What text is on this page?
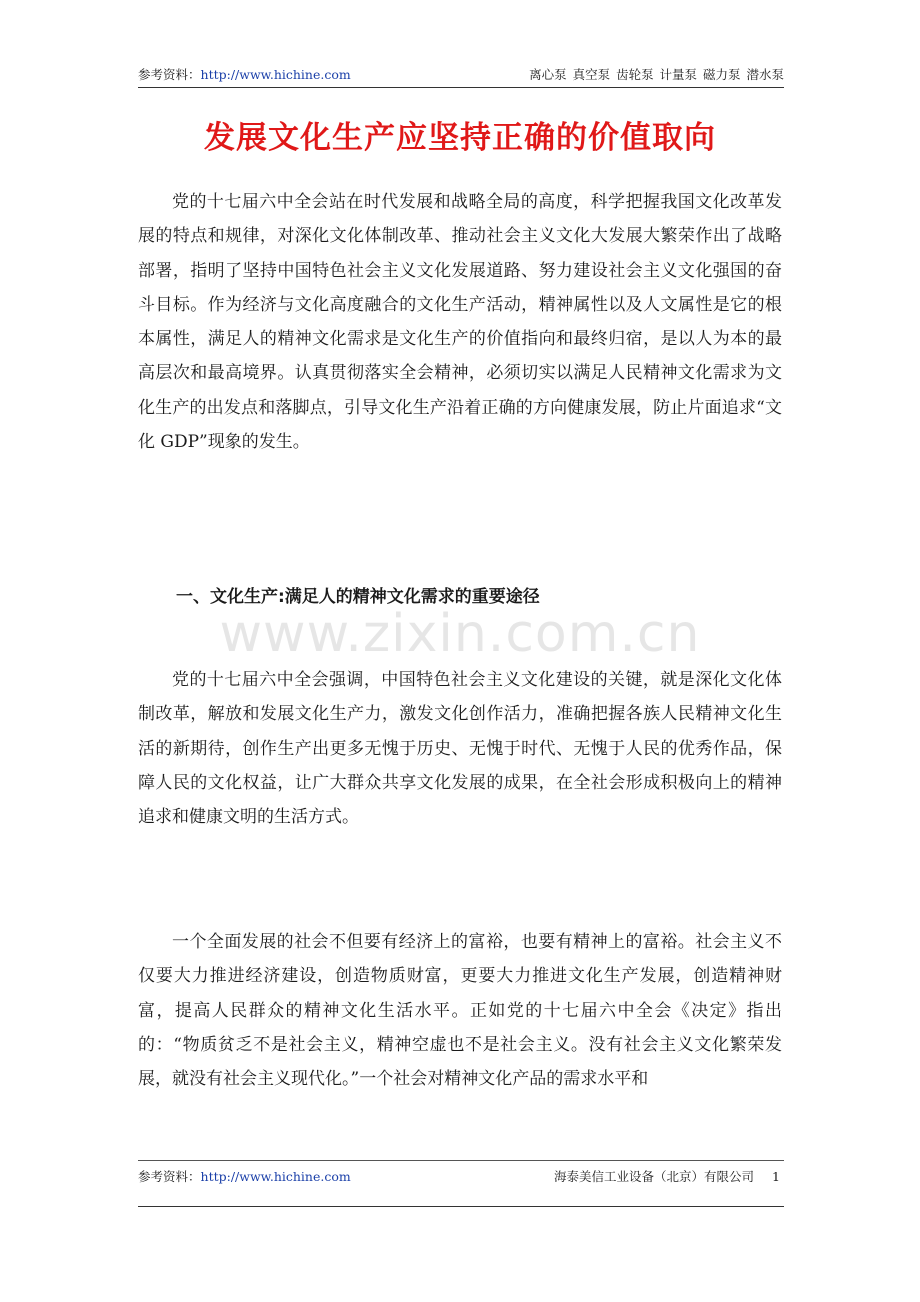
参考资料：http://www.hichine.com	离心泵 真空泵 齿轮泵 计量泵 磁力泵 潜水泵
发展文化生产应坚持正确的价值取向

党的十七届六中全会站在时代发展和战略全局的高度，科学把握我国文化改革发展的特点和规律，对深化文化体制改革、推动社会主义文化大发展大繁荣作出了战略部署，指明了坚持中国特色社会主义文化发展道路、努力建设社会主义文化强国的奋斗目标。作为经济与文化高度融合的文化生产活动，精神属性以及人文属性是它的根本属性，满足人的精神文化需求是文化生产的价值指向和最终归宿，是以人为本的最高层次和最高境界。认真贯彻落实全会精神，必须切实以满足人民精神文化需求为文化生产的出发点和落脚点，引导文化生产沿着正确的方向健康发展，防止片面追求“文化 GDP”现象的发生。

一、文化生产:满足人的精神文化需求的重要途径
www.zixin.com.cn

党的十七届六中全会强调，中国特色社会主义文化建设的关键，就是深化文化体制改革，解放和发展文化生产力，激发文化创作活力，准确把握各族人民精神文化生活的新期待，创作生产出更多无愧于历史、无愧于时代、无愧于人民的优秀作品，保障人民的文化权益，让广大群众共享文化发展的成果，在全社会形成积极向上的精神追求和健康文明的生活方式。

一个全面发展的社会不但要有经济上的富裕，也要有精神上的富裕。社会主义不仅要大力推进经济建设，创造物质财富，更要大力推进文化生产发展，创造精神财富，提高人民群众的精神文化生活水平。正如党的十七届六中全会《决定》指出的：“物质贫乏不是社会主义，精神空虚也不是社会主义。没有社会主义文化繁荣发展，就没有社会主义现代化。”一个社会对精神文化产品的需求水平和

参考资料：http://www.hichine.com	海泰美信工业设备（北京）有限公司 1
